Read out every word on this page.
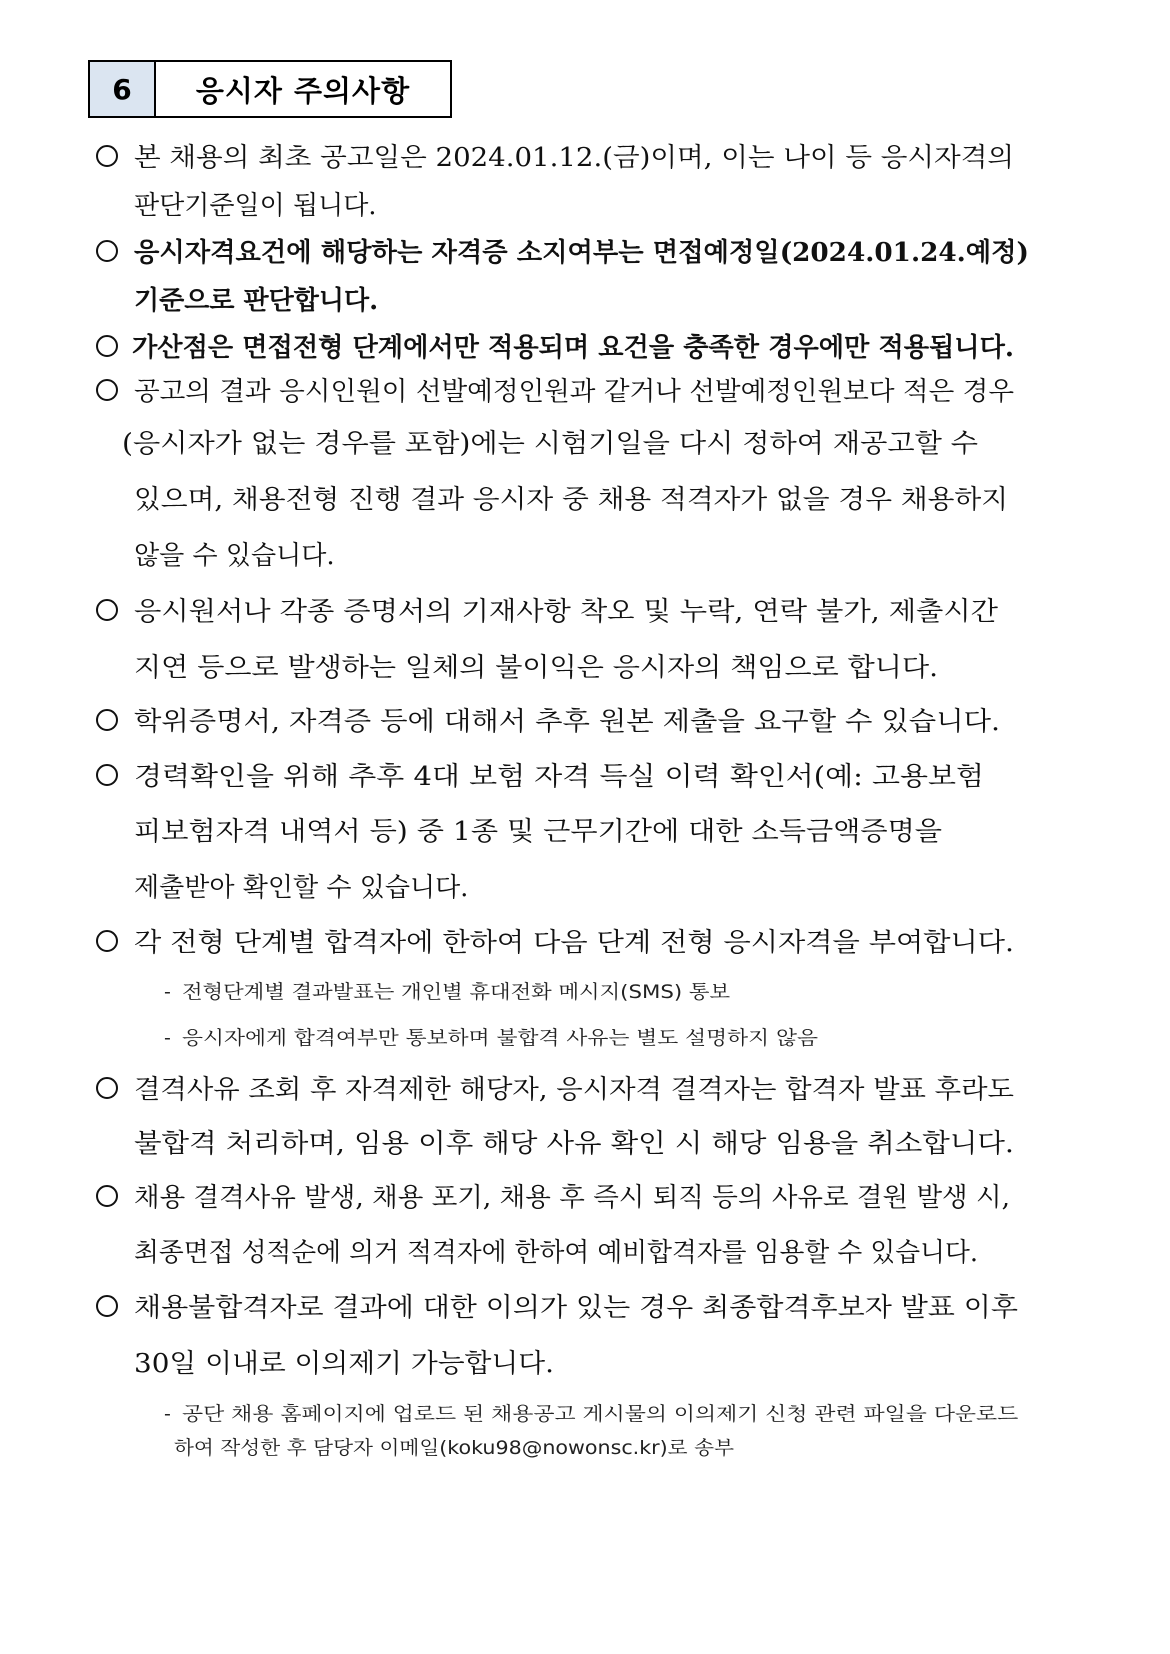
6	응시자 주의사항
본 채용의 최초 공고일은 2024.01.12.(금)이며, 이는 나이 등 응시자격의
판단기준일이 됩니다.
응시자격요건에 해당하는 자격증 소지여부는 면접예정일(2024.01.24.예정)
기준으로 판단합니다.
가산점은 면접전형 단계에서만 적용되며 요건을 충족한 경우에만 적용됩니다.
공고의 결과 응시인원이 선발예정인원과 같거나 선발예정인원보다 적은 경우
(응시자가 없는 경우를 포함)에는 시험기일을 다시 정하여 재공고할 수
있으며, 채용전형 진행 결과 응시자 중 채용 적격자가 없을 경우 채용하지
않을 수 있습니다.
응시원서나 각종 증명서의 기재사항 착오 및 누락, 연락 불가, 제출시간
지연 등으로 발생하는 일체의 불이익은 응시자의 책임으로 합니다.
학위증명서, 자격증 등에 대해서 추후 원본 제출을 요구할 수 있습니다.
경력확인을 위해 추후 4대 보험 자격 득실 이력 확인서(예: 고용보험
피보험자격 내역서 등) 중 1종 및 근무기간에 대한 소득금액증명을
제출받아 확인할 수 있습니다.
각 전형 단계별 합격자에 한하여 다음 단계 전형 응시자격을 부여합니다.
- 전형단계별 결과발표는 개인별 휴대전화 메시지(SMS) 통보
- 응시자에게 합격여부만 통보하며 불합격 사유는 별도 설명하지 않음
결격사유 조회 후 자격제한 해당자, 응시자격 결격자는 합격자 발표 후라도
불합격 처리하며, 임용 이후 해당 사유 확인 시 해당 임용을 취소합니다.
채용 결격사유 발생, 채용 포기, 채용 후 즉시 퇴직 등의 사유로 결원 발생 시,
최종면접 성적순에 의거 적격자에 한하여 예비합격자를 임용할 수 있습니다.
채용불합격자로 결과에 대한 이의가 있는 경우 최종합격후보자 발표 이후
30일 이내로 이의제기 가능합니다.
- 공단 채용 홈페이지에 업로드 된 채용공고 게시물의 이의제기 신청 관련 파일을 다운로드
하여 작성한 후 담당자 이메일(koku98@nowonsc.kr)로 송부
